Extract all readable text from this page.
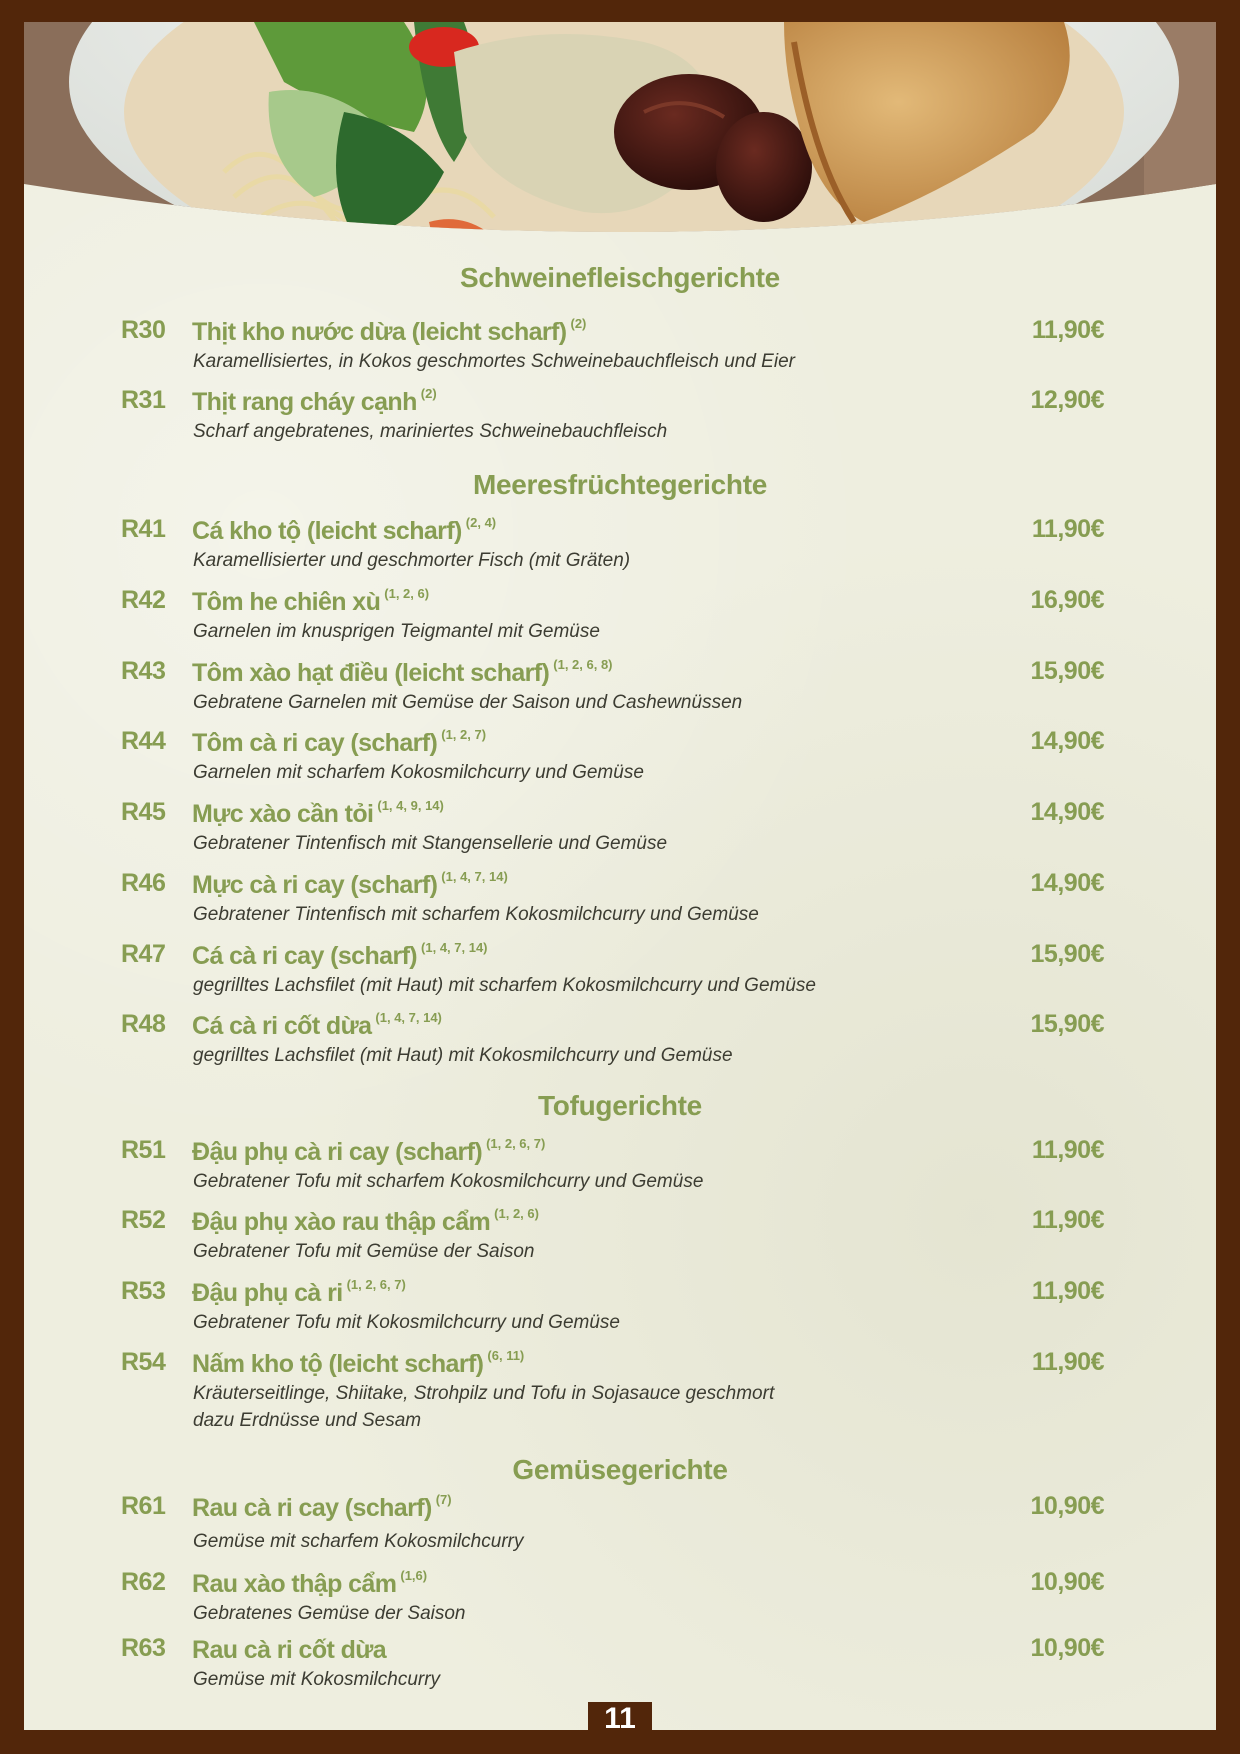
Schweinefleischgerichte
R30 Thịt kho nước dừa (leicht scharf) $^{(2)}$	11,90€
Karamellisiertes, in Kokos geschmortes Schweinebauchfleisch und Eier
R31 Thịt rang cháy cạnh $^{(2)}$	12,90€
Scharf angebratenes, mariniertes Schweinebauchfleisch
Meeresfrüchtegerichte
R41 Cá kho tộ (leicht scharf) $^{(2, 4)}$	11,90€
Karamellisierter und geschmorter Fisch (mit Gräten)
R42 Tôm he chiên xù $^{(1, 2, 6)}$	16,90€
Garnelen im knusprigen Teigmantel mit Gemüse
R43 Tôm xào hạt điều (leicht scharf) $^{(1, 2, 6, 8)}$	15,90€
Gebratene Garnelen mit Gemüse der Saison und Cashewnüssen
R44 Tôm cà ri cay (scharf) $^{(1, 2, 7)}$	14,90€
Garnelen mit scharfem Kokosmilchcurry und Gemüse
R45 Mực xào cần tỏi $^{(1, 4, 9, 14)}$	14,90€
Gebratener Tintenfisch mit Stangensellerie und Gemüse
R46 Mực cà ri cay (scharf) $^{(1, 4, 7, 14)}$	14,90€
Gebratener Tintenfisch mit scharfem Kokosmilchcurry und Gemüse
R47 Cá cà ri cay (scharf) $^{(1, 4, 7, 14)}$	15,90€
gegrilltes Lachsfilet (mit Haut) mit scharfem Kokosmilchcurry und Gemüse
R48 Cá cà ri cốt dừa $^{(1, 4, 7, 14)}$	15,90€
gegrilltes Lachsfilet (mit Haut) mit Kokosmilchcurry und Gemüse
Tofugerichte
R51 Đậu phụ cà ri cay (scharf) $^{(1, 2, 6, 7)}$	11,90€
Gebratener Tofu mit scharfem Kokosmilchcurry und Gemüse
R52 Đậu phụ xào rau thập cẩm $^{(1, 2, 6)}$	11,90€
Gebratener Tofu mit Gemüse der Saison
R53 Đậu phụ cà ri $^{(1, 2, 6, 7)}$	11,90€
Gebratener Tofu mit Kokosmilchcurry und Gemüse
R54 Nấm kho tộ (leicht scharf) $^{(6, 11)}$	11,90€
Kräuterseitlinge, Shiitake, Strohpilz und Tofu in Sojasauce geschmort
dazu Erdnüsse und Sesam
Gemüsegerichte
R61 Rau cà ri cay (scharf) $^{(7)}$	10,90€
Gemüse mit scharfem Kokosmilchcurry
R62 Rau xào thập cẩm $^{(1,6)}$	10,90€
Gebratenes Gemüse der Saison
R63 Rau cà ri cốt dừa	10,90€
Gemüse mit Kokosmilchcurry
11
